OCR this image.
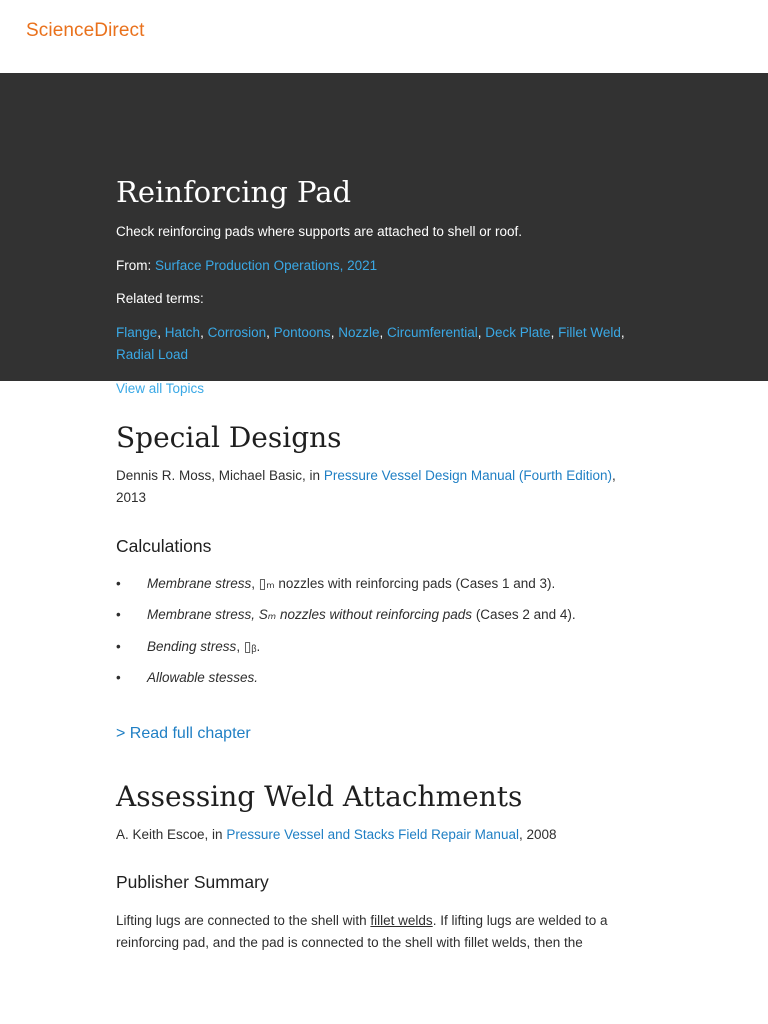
ScienceDirect
Reinforcing Pad

Check reinforcing pads where supports are attached to shell or roof.

From: Surface Production Operations, 2021

Related terms:

Flange, Hatch, Corrosion, Pontoons, Nozzle, Circumferential, Deck Plate, Fillet Weld, Radial Load

View all Topics

Special Designs

Dennis R. Moss, Michael Basic, in Pressure Vessel Design Manual (Fourth Edition), 2013

Calculations
• Membrane stress, ▯ₘ nozzles with reinforcing pads (Cases 1 and 3).
• Membrane stress, Sₘ nozzles without reinforcing pads (Cases 2 and 4).
• Bending stress, ▯ᵦ.
• Allowable stesses.
> Read full chapter
Assessing Weld Attachments

A. Keith Escoe, in Pressure Vessel and Stacks Field Repair Manual, 2008

Publisher Summary

Lifting lugs are connected to the shell with fillet welds. If lifting lugs are welded to a reinforcing pad, and the pad is connected to the shell with fillet welds, then the
